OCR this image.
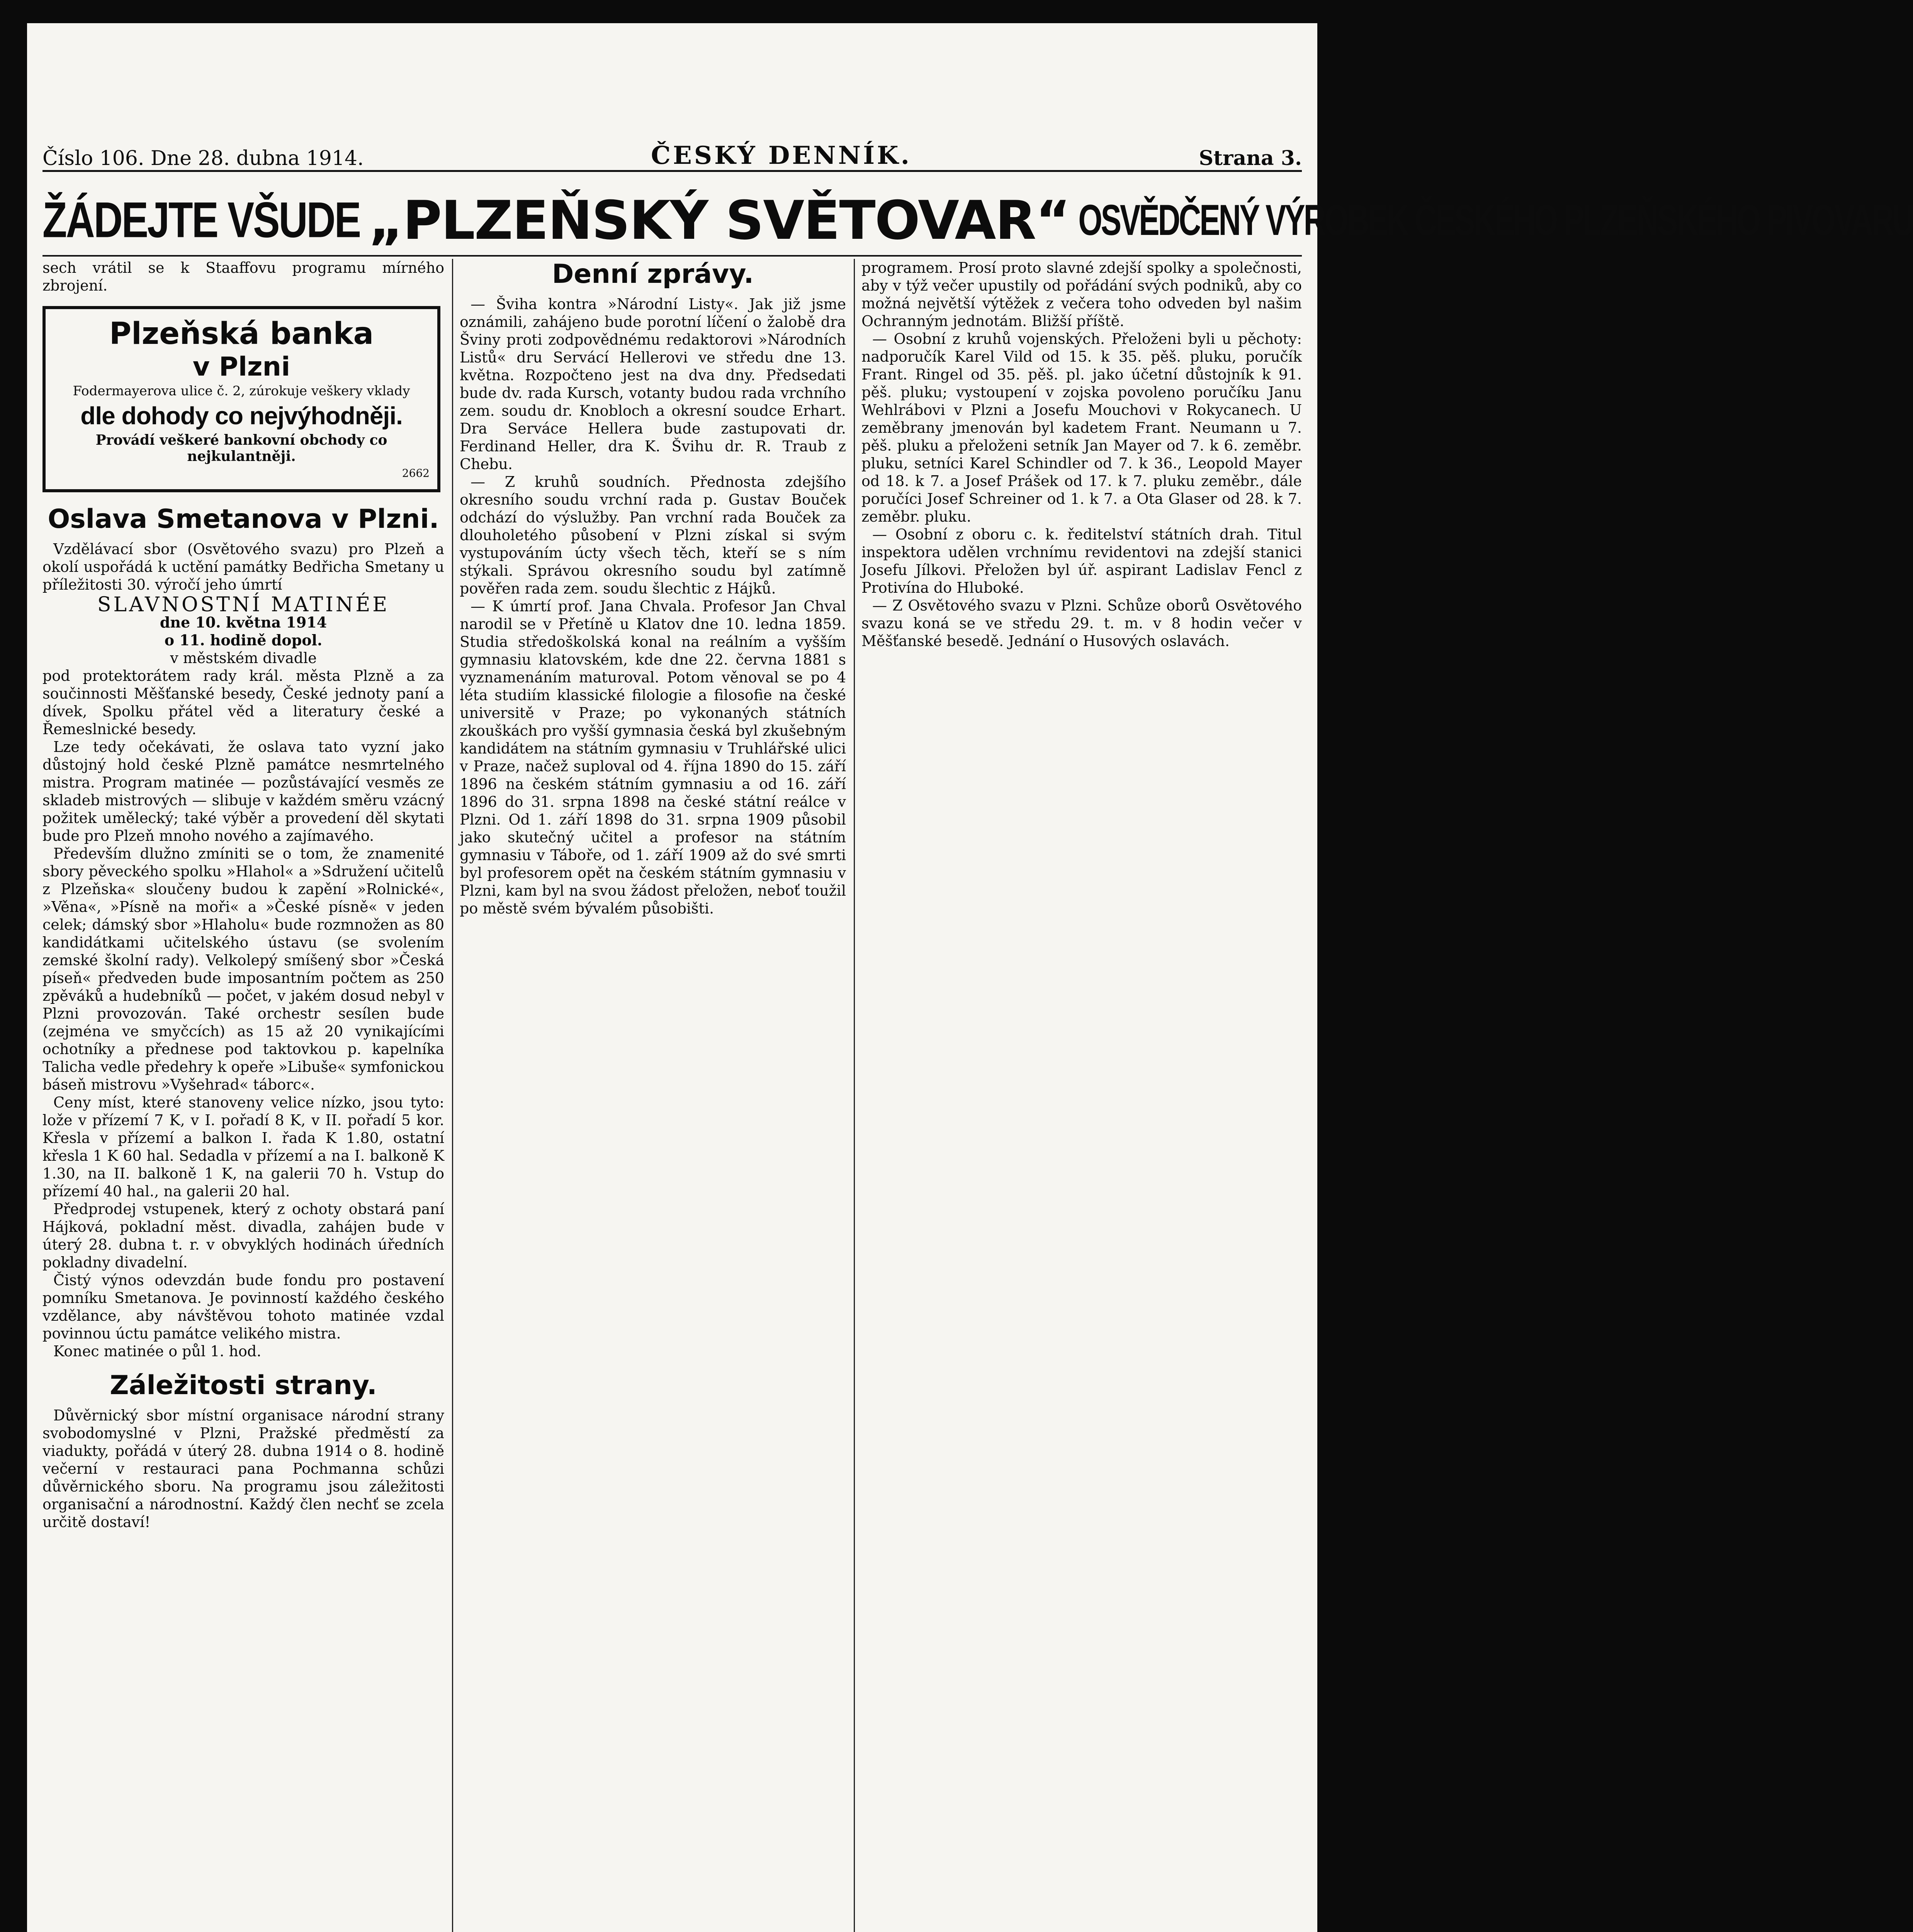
Číslo 106. Dne 28. dubna 1914.	ČESKÝ DENNÍK.	Strana 3.
ŽÁDEJTE VŠUDE „PLZEŇSKÝ SVĚTOVAR“ OSVĚDČENÝ VÝROBEK ČESKÉHO PLZEŇSKÉHO PIVOVARU

sech vrátil se k Staaffovu programu mírného zbrojení.

Plzeňská banka
v Plzni
Fodermayerova ulice č. 2, zúrokuje veškery vklady
dle dohody co nejvýhodněji.
Provádí veškeré bankovní obchody co nejkulantněji.
2662
Oslava Smetanova v Plzni.

Vzdělávací sbor (Osvětového svazu) pro Plzeň a okolí uspořádá k uctění památky Bedřicha Smetany u příležitosti 30. výročí jeho úmrtí

SLAVNOSTNÍ MATINÉE

dne 10. května 1914

o 11. hodině dopol.

v městském divadle

pod protektorátem rady král. města Plzně a za součinnosti Měšťanské besedy, České jednoty paní a dívek, Spolku přátel věd a literatury české a Řemeslnické besedy.

Lze tedy očekávati, že oslava tato vyzní jako důstojný hold české Plzně památce nesmrtelného mistra. Program matinée — pozůstávající vesměs ze skladeb mistrových — slibuje v každém směru vzácný požitek umělecký; také výběr a provedení děl skytati bude pro Plzeň mnoho nového a zajímavého.

Především dlužno zmíniti se o tom, že znamenité sbory pěveckého spolku »Hlahol« a »Sdružení učitelů z Plzeňska« sloučeny budou k zapění »Rolnické«, »Věna«, »Písně na moři« a »České písně« v jeden celek; dámský sbor »Hlaholu« bude rozmnožen as 80 kandidátkami učitelského ústavu (se svolením zemské školní rady). Velkolepý smíšený sbor »Česká píseň« předveden bude imposantním počtem as 250 zpěváků a hudebníků — počet, v jakém dosud nebyl v Plzni provozován. Také orchestr sesílen bude (zejména ve smyčcích) as 15 až 20 vynikajícími ochotníky a přednese pod taktovkou p. kapelníka Talicha vedle předehry k opeře »Libuše« symfonickou báseň mistrovu »Vyšehrad« táborc«.

Ceny míst, které stanoveny velice nízko, jsou tyto: lože v přízemí 7 K, v I. pořadí 8 K, v II. pořadí 5 kor. Křesla v přízemí a balkon I. řada K 1.80, ostatní křesla 1 K 60 hal. Sedadla v přízemí a na I. balkoně K 1.30, na II. balkoně 1 K, na galerii 70 h. Vstup do přízemí 40 hal., na galerii 20 hal.

Předprodej vstupenek, který z ochoty obstará paní Hájková, pokladní měst. divadla, zahájen bude v úterý 28. dubna t. r. v obvyklých hodinách úředních pokladny divadelní.

Čistý výnos odevzdán bude fondu pro postavení pomníku Smetanova. Je povinností každého českého vzdělance, aby návštěvou tohoto matinée vzdal povinnou úctu památce velikého mistra.

Konec matinée o půl 1. hod.

Záležitosti strany.

Důvěrnický sbor místní organisace národní strany svobodomyslné v Plzni, Pražské předměstí za viadukty, pořádá v úterý 28. dubna 1914 o 8. hodině večerní v restauraci pana Pochmanna schůzi důvěrnického sboru. Na programu jsou záležitosti organisační a národnostní. Každý člen nechť se zcela určitě dostaví!

Denní zprávy.

— Šviha kontra »Národní Listy«. Jak již jsme oznámili, zahájeno bude porotní líčení o žalobě dra Šviny proti zodpovědnému redaktorovi »Národních Listů« dru Servácí Hellerovi ve středu dne 13. května. Rozpočteno jest na dva dny. Předsedati bude dv. rada Kursch, votanty budou rada vrchního zem. soudu dr. Knobloch a okresní soudce Erhart. Dra Serváce Hellera bude zastupovati dr. Ferdinand Heller, dra K. Švihu dr. R. Traub z Chebu.

— Z kruhů soudních. Přednosta zdejšího okresního soudu vrchní rada p. Gustav Bouček odchází do výslužby. Pan vrchní rada Bouček za dlouholetého působení v Plzni získal si svým vystupováním úcty všech těch, kteří se s ním stýkali. Správou okresního soudu byl zatímně pověřen rada zem. soudu šlechtic z Hájků.

— K úmrtí prof. Jana Chvala. Profesor Jan Chval narodil se v Přetíně u Klatov dne 10. ledna 1859. Studia středoškolská konal na reálním a vyšším gymnasiu klatovském, kde dne 22. června 1881 s vyznamenáním maturoval. Potom věnoval se po 4 léta studiím klassické filologie a filosofie na české universitě v Praze; po vykonaných státních zkouškách pro vyšší gymnasia česká byl zkušebným kandidátem na státním gymnasiu v Truhlářské ulici v Praze, načež suploval od 4. října 1890 do 15. září 1896 na českém státním gymnasiu a od 16. září 1896 do 31. srpna 1898 na české státní reálce v Plzni. Od 1. září 1898 do 31. srpna 1909 působil jako skutečný učitel a profesor na státním gymnasiu v Táboře, od 1. září 1909 až do své smrti byl profesorem opět na českém státním gymnasiu v Plzni, kam byl na svou žádost přeložen, neboť toužil po městě svém bývalém působišti.

programem. Prosí proto slavné zdejší spolky a společnosti, aby v týž večer upustily od pořádání svých podniků, aby co možná největší výtěžek z večera toho odveden byl našim Ochranným jednotám. Bližší příště.

— Osobní z kruhů vojenských. Přeloženi byli u pěchoty: nadporučík Karel Vild od 15. k 35. pěš. pluku, poručík Frant. Ringel od 35. pěš. pl. jako účetní důstojník k 91. pěš. pluku; vystoupení v zojska povoleno poručíku Janu Wehlrábovi v Plzni a Josefu Mouchovi v Rokycanech. U zeměbrany jmenován byl kadetem Frant. Neumann u 7. pěš. pluku a přeloženi setník Jan Mayer od 7. k 6. zeměbr. pluku, setníci Karel Schindler od 7. k 36., Leopold Mayer od 18. k 7. a Josef Prášek od 17. k 7. pluku zeměbr., dále poručíci Josef Schreiner od 1. k 7. a Ota Glaser od 28. k 7. zeměbr. pluku.

— Osobní z oboru c. k. ředitelství státních drah. Titul inspektora udělen vrchnímu revidentovi na zdejší stanici Josefu Jílkovi. Přeložen byl úř. aspirant Ladislav Fencl z Protivína do Hluboké.

— Z Osvětového svazu v Plzni. Schůze oborů Osvětového svazu koná se ve středu 29. t. m. v 8 hodin večer v Měšťanské besedě. Jednání o Husových oslavách.
